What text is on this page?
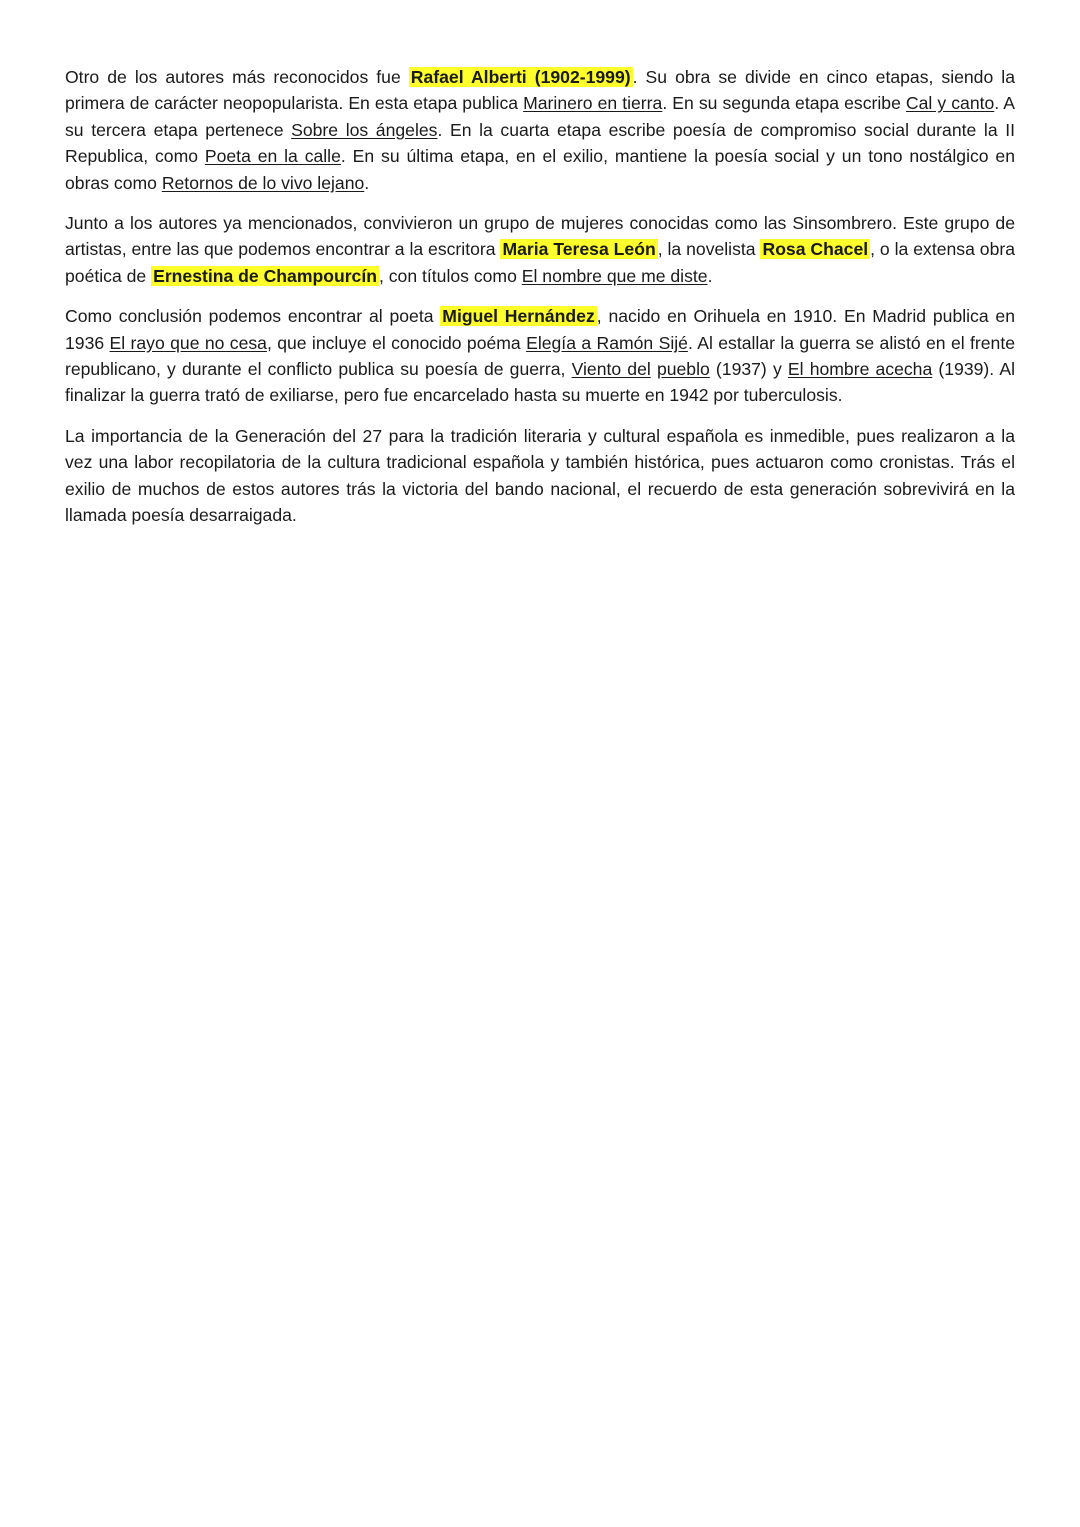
Otro de los autores más reconocidos fue Rafael Alberti (1902-1999) . Su obra se divide en cinco etapas, siendo la primera de carácter neopopularista. En esta etapa publica Marinero en tierra. En su segunda etapa escribe Cal y canto. A su tercera etapa pertenece Sobre los ángeles. En la cuarta etapa escribe poesía de compromiso social durante la II Republica, como Poeta en la calle. En su última etapa, en el exilio, mantiene la poesía social y un tono nostálgico en obras como Retornos de lo vivo lejano.

Junto a los autores ya mencionados, convivieron un grupo de mujeres conocidas como las Sinsombrero. Este grupo de artistas, entre las que podemos encontrar a la escritora Maria Teresa León , la novelista Rosa Chacel , o la extensa obra poética de Ernestina de Champourcín , con títulos como El nombre que me diste.

Como conclusión podemos encontrar al poeta Miguel Hernández , nacido en Orihuela en 1910. En Madrid publica en 1936 El rayo que no cesa, que incluye el conocido poéma Elegía a Ramón Sijé. Al estallar la guerra se alistó en el frente republicano, y durante el conflicto publica su poesía de guerra, Viento del pueblo (1937) y El hombre acecha (1939). Al finalizar la guerra trató de exiliarse, pero fue encarcelado hasta su muerte en 1942 por tuberculosis.

La importancia de la Generación del 27 para la tradición literaria y cultural española es inmedible, pues realizaron a la vez una labor recopilatoria de la cultura tradicional española y también histórica, pues actuaron como cronistas. Trás el exilio de muchos de estos autores trás la victoria del bando nacional, el recuerdo de esta generación sobrevivirá en la llamada poesía desarraigada.
